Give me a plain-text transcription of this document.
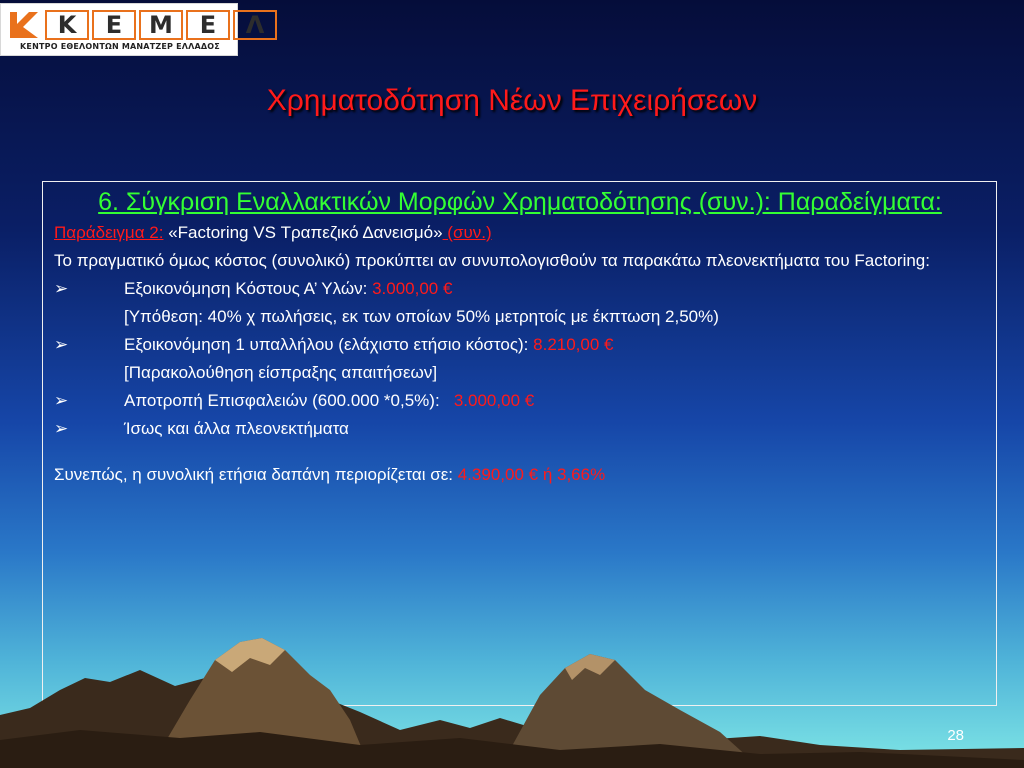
Κ	Ε	Μ	Ε	Λ
ΚΕΝΤΡΟ ΕΘΕΛΟΝΤΩΝ ΜΑΝΑΤΖΕΡ ΕΛΛΑΔΟΣ
Χρηματοδότηση Νέων Επιχειρήσεων
6. Σύγκριση Εναλλακτικών Μορφών Χρηματοδότησης (συν.): Παραδείγματα:
Παράδειγμα 2: «Factoring VS Τραπεζικό Δανεισμό» (συν.)
Το πραγματικό όμως κόστος (συνολικό) προκύπτει αν συνυπολογισθούν τα παρακάτω πλεονεκτήματα του Factoring:
➢	Εξοικονόμηση Κόστους Α’ Υλών: 3.000,00 €
[Υπόθεση: 40% χ πωλήσεις, εκ των οποίων 50% μετρητοίς με έκπτωση 2,50%)
➢	Εξοικονόμηση 1 υπαλλήλου (ελάχιστο ετήσιο κόστος): 8.210,00 €
[Παρακολούθηση είσπραξης απαιτήσεων]
➢	Αποτροπή Επισφαλειών (600.000 *0,5%):   3.000,00 €
➢	Ίσως και άλλα πλεονεκτήματα
Συνεπώς, η συνολική ετήσια δαπάνη περιορίζεται σε: 4.390,00 € ή 3,66%
28
